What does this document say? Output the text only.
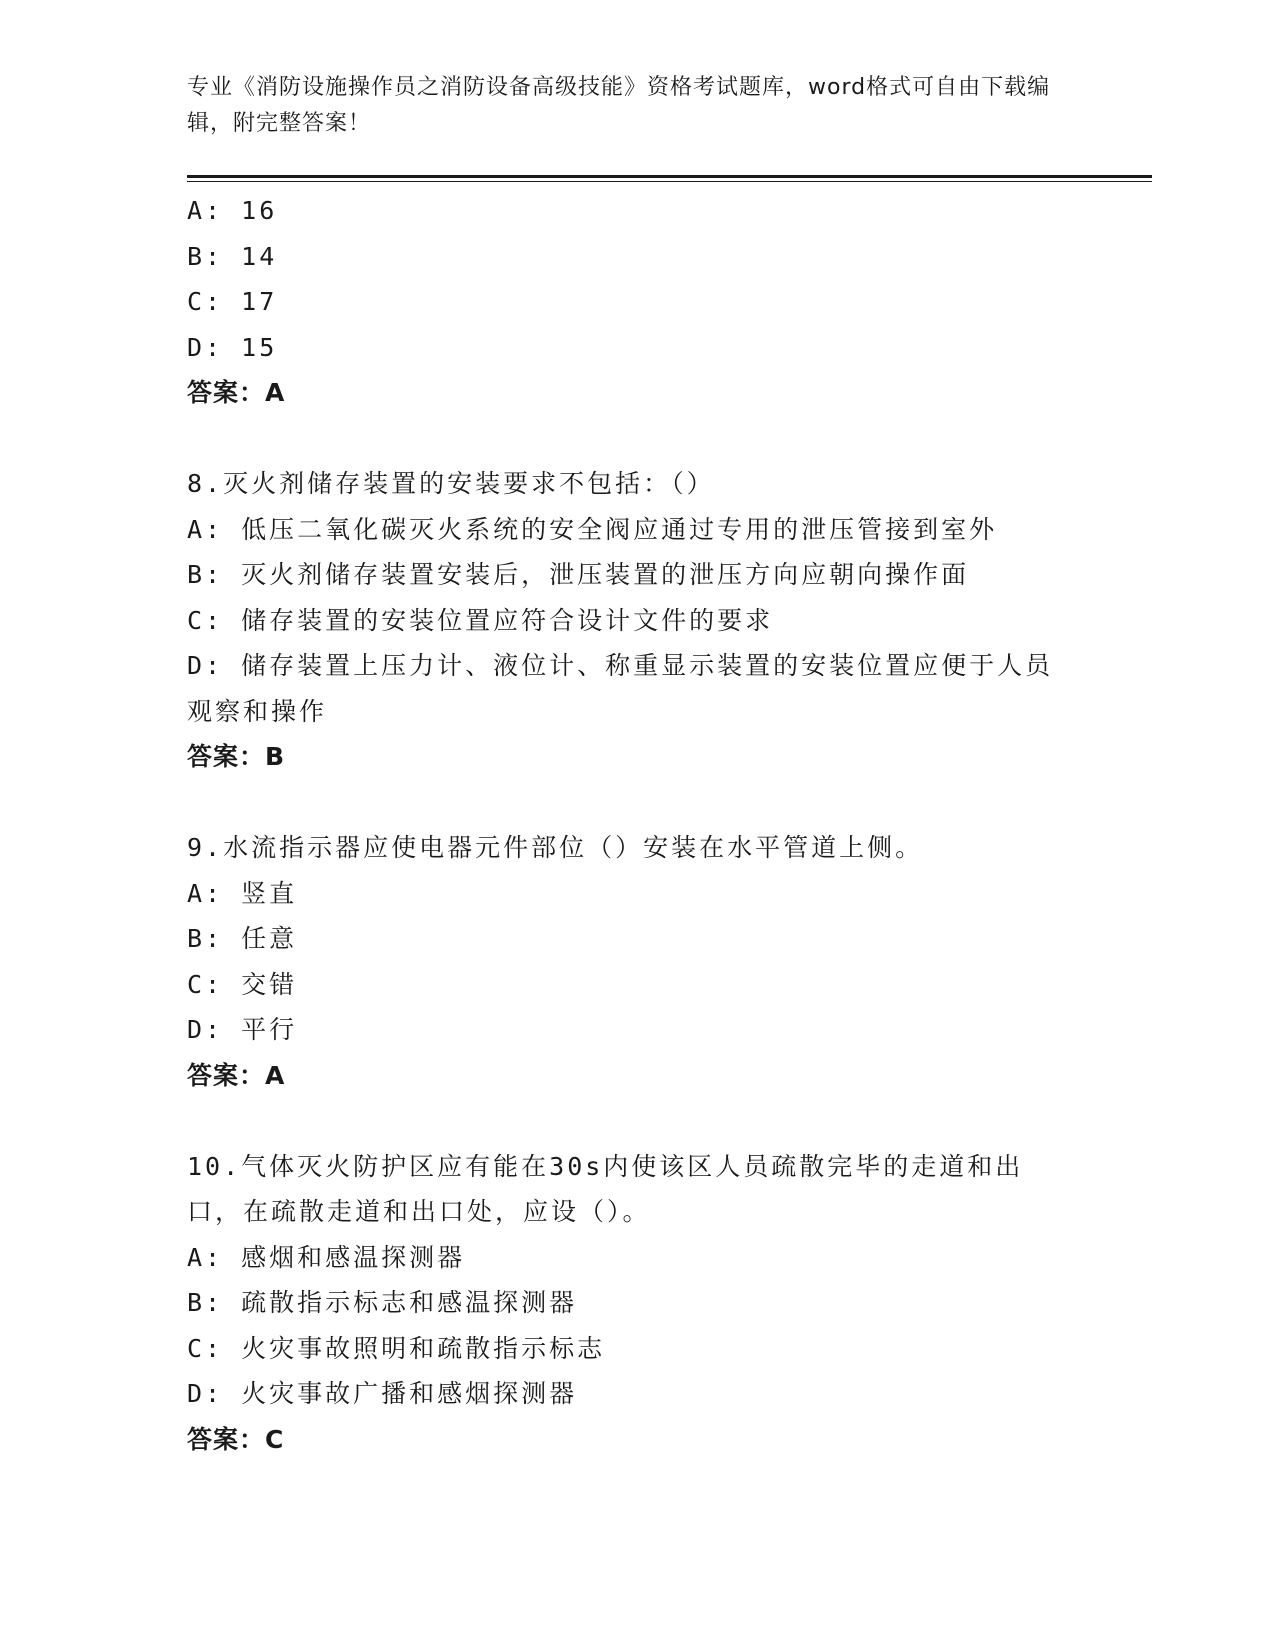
专业《消防设施操作员之消防设备高级技能》资格考试题库，word格式可自由下载编辑，附完整答案！
A: 16
B: 14
C: 17
D: 15
答案：A
8.灭火剂储存装置的安装要求不包括：（）
A: 低压二氧化碳灭火系统的安全阀应通过专用的泄压管接到室外
B: 灭火剂储存装置安装后，泄压装置的泄压方向应朝向操作面
C: 储存装置的安装位置应符合设计文件的要求
D: 储存装置上压力计、液位计、称重显示装置的安装位置应便于人员观察和操作
答案：B
9.水流指示器应使电器元件部位（）安装在水平管道上侧。
A: 竖直
B: 任意
C: 交错
D: 平行
答案：A
10.气体灭火防护区应有能在30s内使该区人员疏散完毕的走道和出口，在疏散走道和出口处，应设（）。
A: 感烟和感温探测器
B: 疏散指示标志和感温探测器
C: 火灾事故照明和疏散指示标志
D: 火灾事故广播和感烟探测器
答案：C
